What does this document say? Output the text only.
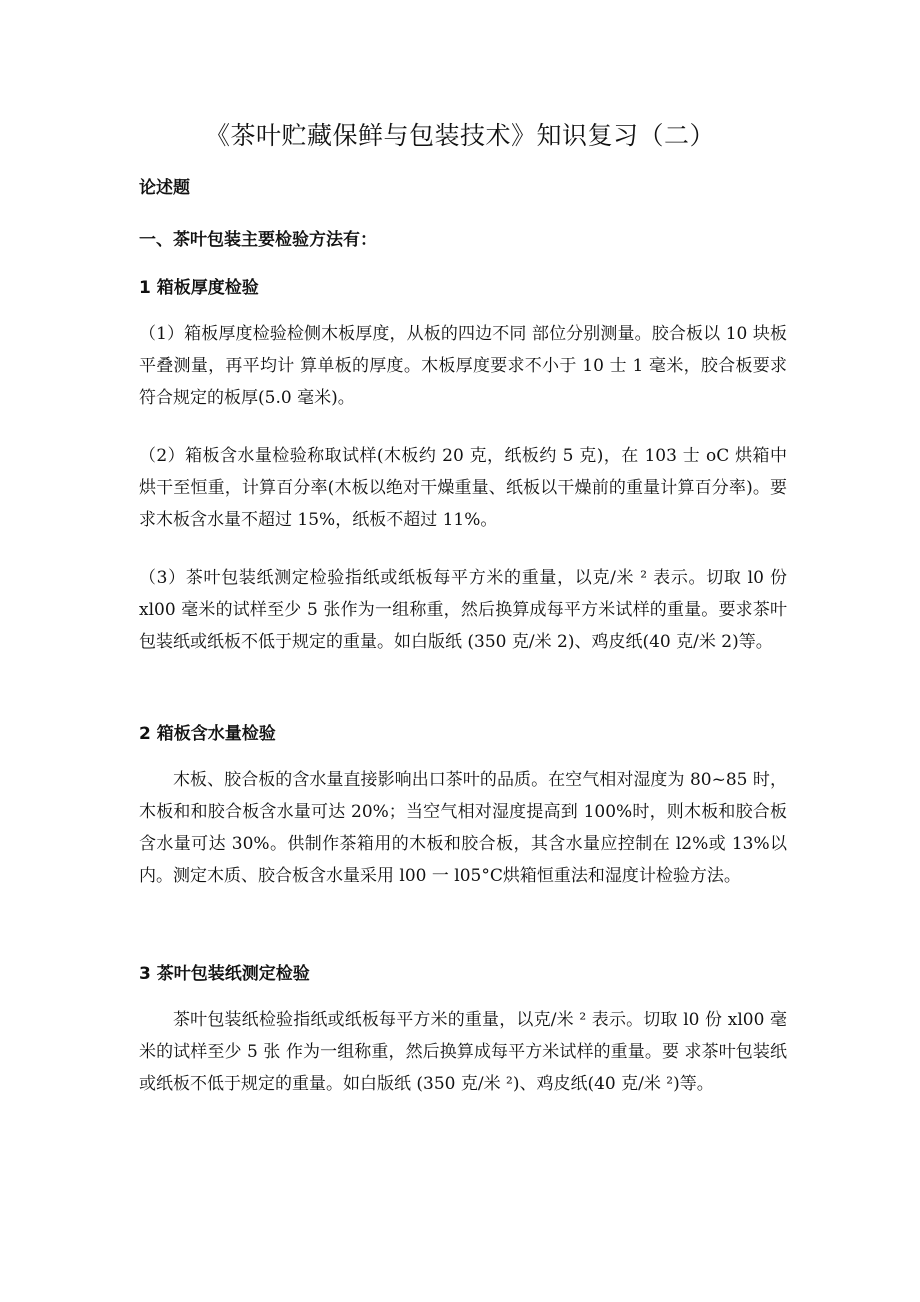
《茶叶贮藏保鲜与包装技术》知识复习（二）
论述题
一、茶叶包装主要检验方法有：
1 箱板厚度检验

（1）箱板厚度检验检侧木板厚度，从板的四边不同 部位分别测量。胶合板以 10 块板平叠测量，再平均计 算单板的厚度。木板厚度要求不小于 10 士 1 毫米，胶合板要求符合规定的板厚(5.0 毫米)。

（2）箱板含水量检验称取试样(木板约 20 克，纸板约 5 克)，在 103 士 oC 烘箱中烘干至恒重，计算百分率(木板以绝对干燥重量、纸板以干燥前的重量计算百分率)。要求木板含水量不超过 15%，纸板不超过 11%。

（3）茶叶包装纸测定检验指纸或纸板每平方米的重量，以克/米 ² 表示。切取 l0 份 xl00 毫米的试样至少 5 张作为一组称重，然后换算成每平方米试样的重量。要求茶叶包装纸或纸板不低于规定的重量。如白版纸 (350 克/米 2)、鸡皮纸(40 克/米 2)等。

2 箱板含水量检验

木板、胶合板的含水量直接影响出口茶叶的品质。在空气相对湿度为 80~85 时，木板和和胶合板含水量可达 20%；当空气相对湿度提高到 100%时，则木板和胶合板含水量可达 30%。供制作茶箱用的木板和胶合板，其含水量应控制在 l2%或 13%以内。测定木质、胶合板含水量采用 l00 一 l05°C烘箱恒重法和湿度计检验方法。

3 茶叶包装纸测定检验

茶叶包装纸检验指纸或纸板每平方米的重量，以克/米 ² 表示。切取 l0 份 xl00 毫米的试样至少 5 张 作为一组称重，然后换算成每平方米试样的重量。要 求茶叶包装纸或纸板不低于规定的重量。如白版纸 (350 克/米 ²)、鸡皮纸(40 克/米 ²)等。
